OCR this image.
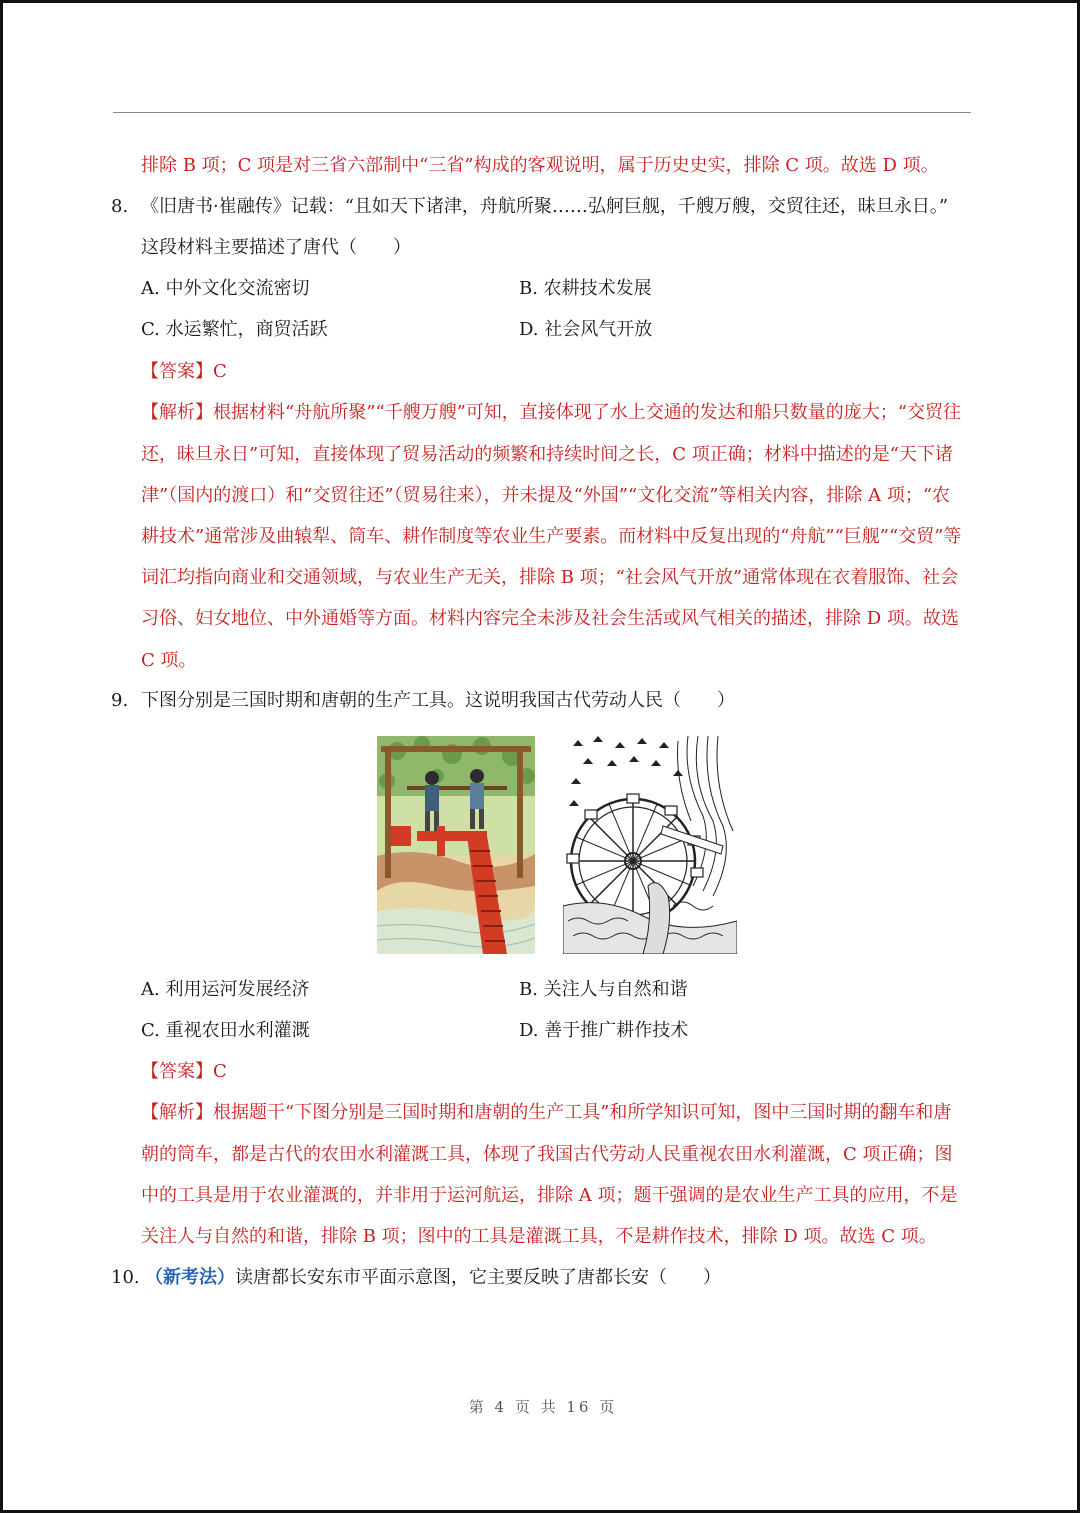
排除 B 项；C 项是对三省六部制中“三省”构成的客观说明，属于历史史实，排除 C 项。故选 D 项。
8. 《旧唐书·崔融传》记载：“且如天下诸津，舟航所聚……弘舸巨舰，千艘万艘，交贸往还，昧旦永日。”
这段材料主要描述了唐代（　　）
A. 中外文化交流密切	B. 农耕技术发展
C. 水运繁忙，商贸活跃	D. 社会风气开放
【答案】C
【解析】根据材料“舟航所聚”“千艘万艘”可知，直接体现了水上交通的发达和船只数量的庞大；“交贸往
还，昧旦永日”可知，直接体现了贸易活动的频繁和持续时间之长，C 项正确；材料中描述的是“天下诸
津”（国内的渡口）和“交贸往还”（贸易往来），并未提及“外国”“文化交流”等相关内容，排除 A 项；“农
耕技术”通常涉及曲辕犁、筒车、耕作制度等农业生产要素。而材料中反复出现的“舟航”“巨舰”“交贸”等
词汇均指向商业和交通领域，与农业生产无关，排除 B 项；“社会风气开放”通常体现在衣着服饰、社会
习俗、妇女地位、中外通婚等方面。材料内容完全未涉及社会生活或风气相关的描述，排除 D 项。故选
C 项。
9. 下图分别是三国时期和唐朝的生产工具。这说明我国古代劳动人民（　　）
A. 利用运河发展经济	B. 关注人与自然和谐
C. 重视农田水利灌溉	D. 善于推广耕作技术
【答案】C
【解析】根据题干“下图分别是三国时期和唐朝的生产工具”和所学知识可知，图中三国时期的翻车和唐
朝的筒车，都是古代的农田水利灌溉工具，体现了我国古代劳动人民重视农田水利灌溉，C 项正确；图
中的工具是用于农业灌溉的，并非用于运河航运，排除 A 项；题干强调的是农业生产工具的应用，不是
关注人与自然的和谐，排除 B 项；图中的工具是灌溉工具，不是耕作技术，排除 D 项。故选 C 项。
10. （新考法）读唐都长安东市平面示意图，它主要反映了唐都长安（　　）
第 4 页 共 16 页
